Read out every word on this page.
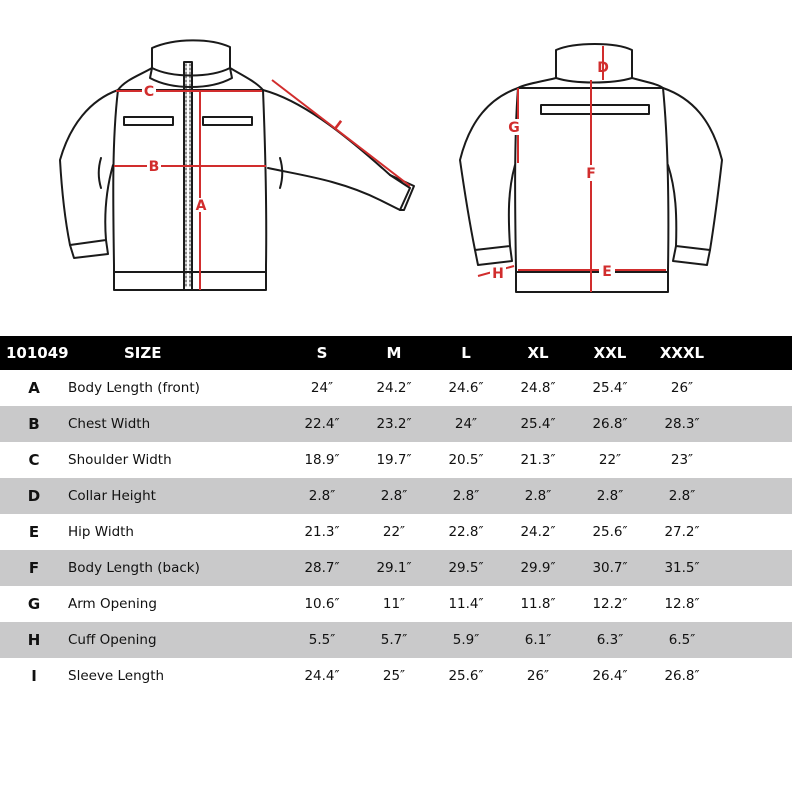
C
B
A
I
D
F
G
E
H
101049	SIZE	S	M	L	XL	XXL	XXXL	
A	Body Length (front)	24″	24.2″	24.6″	24.8″	25.4″	26″	
B	Chest Width	22.4″	23.2″	24″	25.4″	26.8″	28.3″	
C	Shoulder Width	18.9″	19.7″	20.5″	21.3″	22″	23″	
D	Collar Height	2.8″	2.8″	2.8″	2.8″	2.8″	2.8″	
E	Hip Width	21.3″	22″	22.8″	24.2″	25.6″	27.2″	
F	Body Length (back)	28.7″	29.1″	29.5″	29.9″	30.7″	31.5″	
G	Arm Opening	10.6″	11″	11.4″	11.8″	12.2″	12.8″	
H	Cuff Opening	5.5″	5.7″	5.9″	6.1″	6.3″	6.5″	
I	Sleeve Length	24.4″	25″	25.6″	26″	26.4″	26.8″	
